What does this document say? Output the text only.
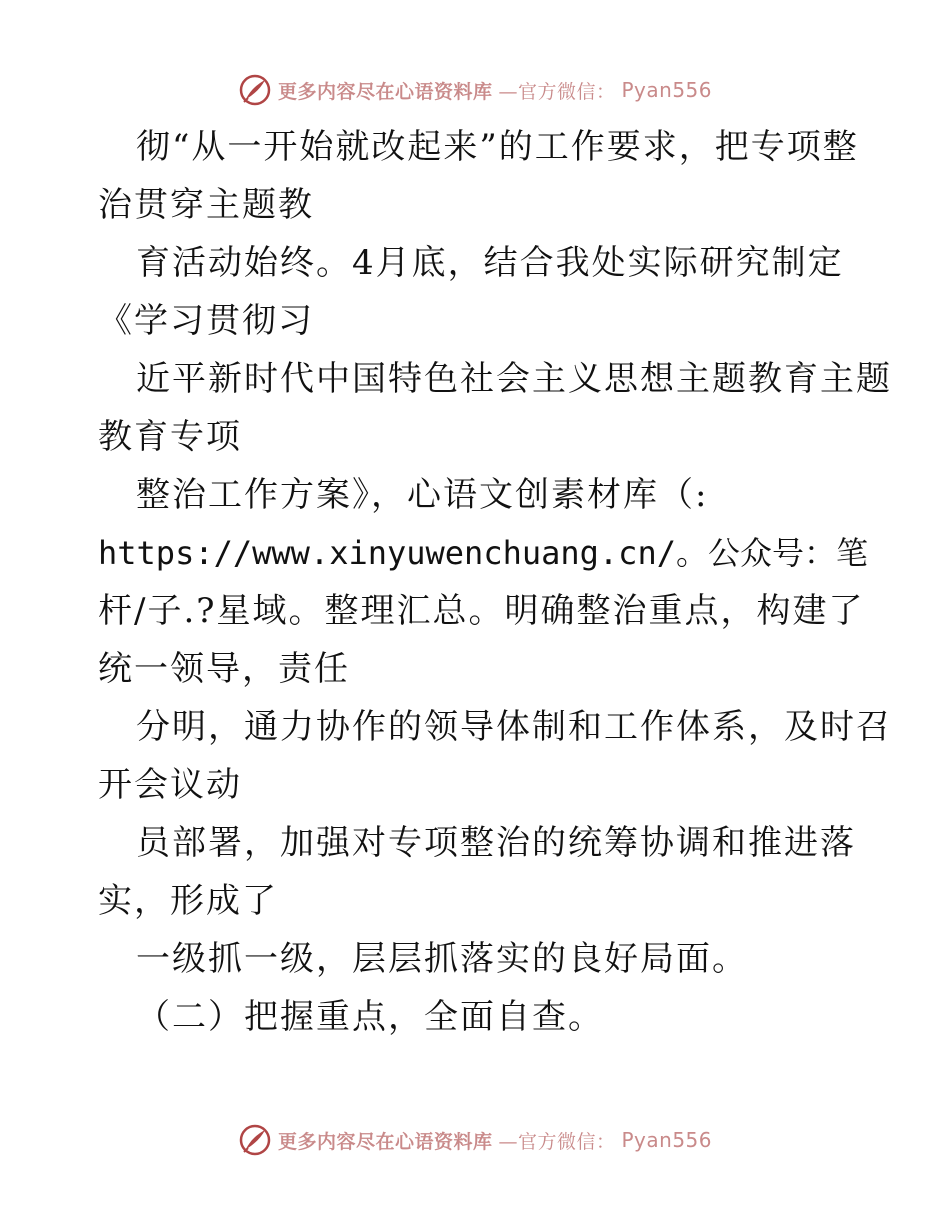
更多内容尽在心语资料库 —官方微信： Pyan556
彻“从一开始就改起来”的工作要求，把专项整
治贯穿主题教
育活动始终。4月底，结合我处实际研究制定
《学习贯彻习
近平新时代中国特色社会主义思想主题教育主题
教育专项
整治工作方案》，心语文创素材库（:
https://www.xinyuwenchuang.cn/。公众号：笔
杆/子.?星域。整理汇总。明确整治重点，构建了
统一领导，责任
分明，通力协作的领导体制和工作体系，及时召
开会议动
员部署，加强对专项整治的统筹协调和推进落
实，形成了
一级抓一级，层层抓落实的良好局面。
（二）把握重点，全面自查。
更多内容尽在心语资料库 —官方微信： Pyan556
